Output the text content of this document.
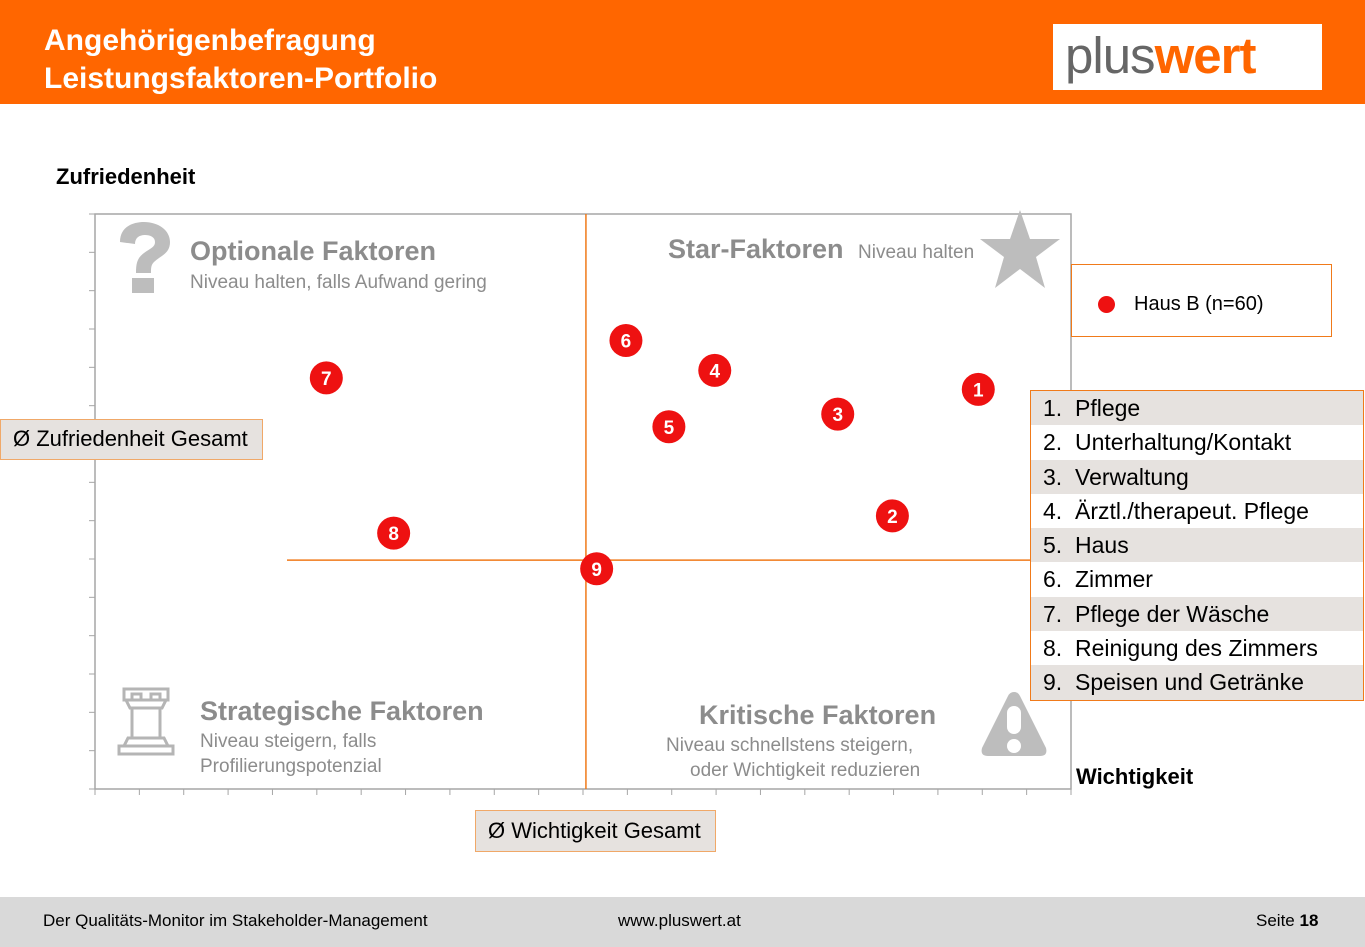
Angehörigenbefragung
Leistungsfaktoren-Portfolio	pluswert
Zufriedenheit
Wichtigkeit
1
2
3
4
5
6
7
8
9
Optionale Faktoren
Niveau halten, falls Aufwand gering
Star-Faktoren Niveau halten
Strategische Faktoren
Niveau steigern, falls
Profilierungspotenzial
Kritische Faktoren
Niveau schnellstens steigern,
oder Wichtigkeit reduzieren
Ø Zufriedenheit Gesamt
Ø Wichtigkeit Gesamt
Haus B (n=60)
1. Pflege
2. Unterhaltung/Kontakt
3. Verwaltung
4. Ärztl./therapeut. Pflege
5. Haus
6. Zimmer
7. Pflege der Wäsche
8. Reinigung des Zimmers
9. Speisen und Getränke
Der Qualitäts-Monitor im Stakeholder-Management	www.pluswert.at	Seite 18
